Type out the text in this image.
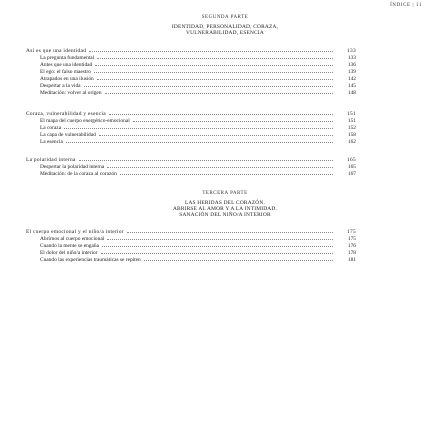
ÍNDICE | 11
SEGUNDA PARTE
IDENTIDAD, PERSONALIDAD, CORAZA,
VULNERABILIDAD, ESENCIA
Así es que una identidad	133
La pregunta fundamental	133
Antes que una identidad	136
El ego: el falso maestro	139
Atrapados en una ilusión	142
Despertar a la vida	145
Meditación: volver al origen	148
Coraza, vulnerabilidad y esencia	151
El mapa del cuerpo energético-emocional	151
La coraza	152
La capa de vulnerabilidad	158
La esencia	162
La polaridad interna	165
Despertar la polaridad interna	165
Meditación: de la coraza al corazón	167
TERCERA PARTE
LAS HERIDAS DEL CORAZÓN.
ABRIRSE AL AMOR Y A LA INTIMIDAD.
SANACIÓN DEL NIÑO/A INTERIOR
El cuerpo emocional y el niño/a interior	175
Abrirnos al cuerpo emocional	175
Cuando la mente se engaña	176
El dolor del niño/a interior	178
Cuando las experiencias traumáticas se repiten	181
